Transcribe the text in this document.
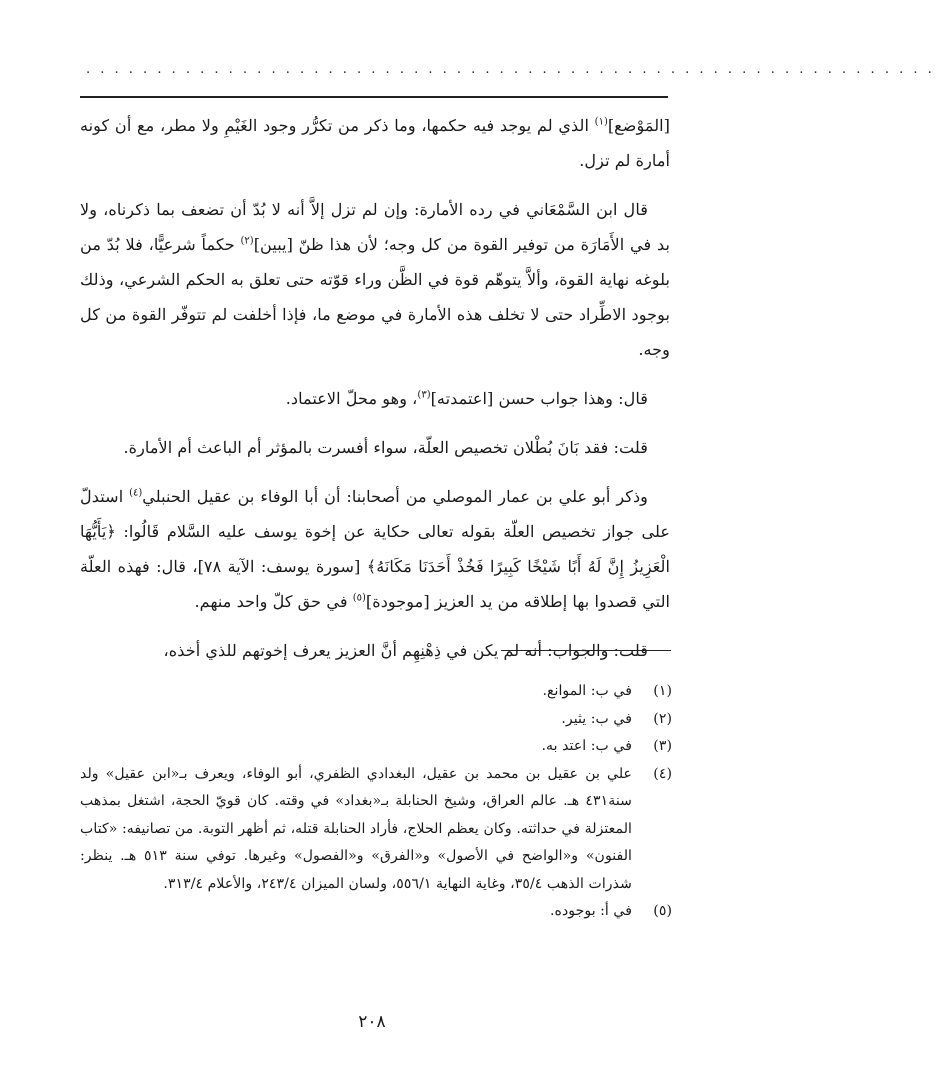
. . . . . . . . . . . . . . . . . . . . . . . . . . . . . . . . . . . . . . . . . . . . . . . . . . . . . . . . . . . .

[المَوْضع]$^{(١)}$ الذي لم يوجد فيه حكمها، وما ذكر من تكرُّر وجود الغَيْمِ ولا مطر، مع أن كونه أمارة لم تزل.

قال ابن السَّمْعَاني في رده الأمارة: وإن لم تزل إلاَّ أنه لا بُدّ أن تضعف بما ذكرناه، ولا بد في الأَمَارَة من توفير القوة من كل وجه؛ لأن هذا ظنّ [يبين]$^{(٢)}$ حكماً شرعيًّا، فلا بُدّ من بلوغه نهاية القوة، وألاَّ يتوهّم قوة في الظَّن وراء قوّته حتى تعلق به الحكم الشرعي، وذلك بوجود الاطِّراد حتى لا تخلف هذه الأمارة في موضع ما، فإذا أخلفت لم تتوفّر القوة من كل وجه.

قال: وهذا جواب حسن [اعتمدته]$^{(٣)}$، وهو محلّ الاعتماد.

قلت: فقد بَانَ بُطْلان تخصيص العلّة، سواء أفسرت بالمؤثر أم الباعث أم الأمارة.

وذكر أبو علي بن عمار الموصلي من أصحابنا: أن أبا الوفاء بن عقيل الحنبلي$^{(٤)}$ استدلّ على جواز تخصيص العلّة بقوله تعالى حكاية عن إخوة يوسف عليه السَّلام قَالُوا: ﴿يَأَيُّهَا الْعَزِيزُ إِنَّ لَهُ أَبًا شَيْخًا كَبِيرًا فَخُذْ أَحَدَنَا مَكَانَهُ﴾ [سورة يوسف: الآية ٧٨]، قال: فهذه العلّة التي قصدوا بها إطلاقه من يد العزيز [موجودة]$^{(٥)}$ في حق كلّ واحد منهم.

قلت: والجواب: أنه لم يكن في ذِهْنِهِم أنَّ العزيز يعرف إخوتهم للذي أخذه،

(١)
في ب: الموانع.
(٢)
في ب: يثير.
(٣)
في ب: اعتد به.
(٤)
علي بن عقيل بن محمد بن عقيل، البغدادي الظفري، أبو الوفاء، ويعرف بـ«ابن عقيل» ولد سنة٤٣١ هـ. عالم العراق، وشيخ الحنابلة بـ«بغداد» في وقته. كان قويّ الحجة، اشتغل بمذهب المعتزلة في حداثته. وكان يعظم الحلاج، فأراد الحنابلة قتله، ثم أظهر التوبة. من تصانيفه: «كتاب الفنون» و«الواضح في الأصول» و«الفرق» و«الفصول» وغيرها. توفي سنة ٥١٣ هـ. ينظر: شذرات الذهب ٣٥/٤، وغاية النهاية ٥٥٦/١، ولسان الميزان ٢٤٣/٤، والأعلام ٣١٣/٤.
(٥)
في أ: بوجوده.
٢٠٨
